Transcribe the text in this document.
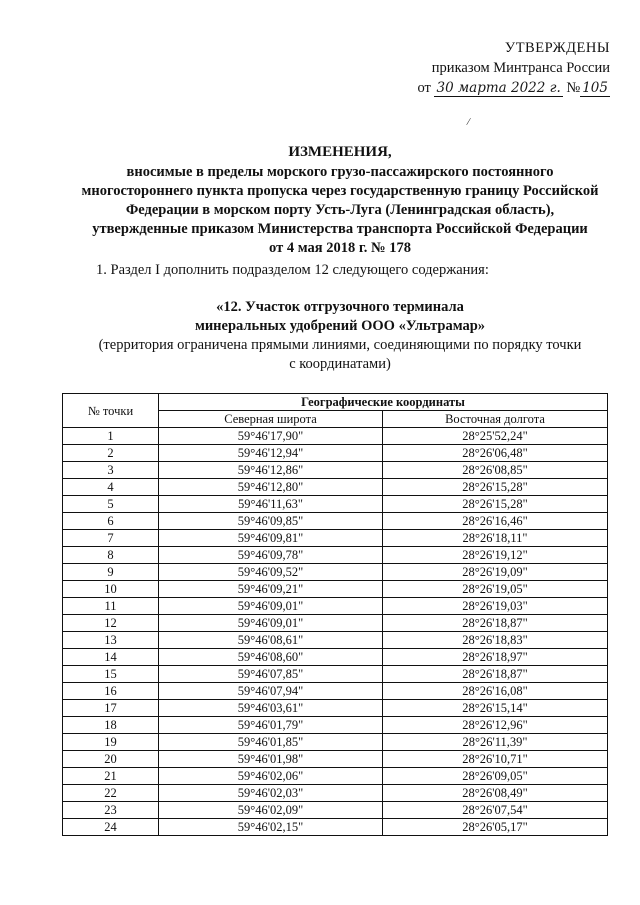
УТВЕРЖДЕНЫ
приказом Минтранса России
от 30 марта 2022 г. № 105
/
ИЗМЕНЕНИЯ,
вносимые в пределы морского грузо-пассажирского постоянного
многостороннего пункта пропуска через государственную границу Российской
Федерации в морском порту Усть-Луга (Ленинградская область),
утвержденные приказом Министерства транспорта Российской Федерации
от 4 мая 2018 г. № 178
1. Раздел I дополнить подразделом 12 следующего содержания:
«12. Участок отгрузочного терминала
минеральных удобрений ООО «Ультрамар»
(территория ограничена прямыми линиями, соединяющими по порядку точки
с координатами)
№ точки	Географические координаты	
	Северная широта	Восточная долгота
1	59°46'17,90"	28°25'52,24"
2	59°46'12,94"	28°26'06,48"
3	59°46'12,86"	28°26'08,85"
4	59°46'12,80"	28°26'15,28"
5	59°46'11,63"	28°26'15,28"
6	59°46'09,85"	28°26'16,46"
7	59°46'09,81"	28°26'18,11"
8	59°46'09,78"	28°26'19,12"
9	59°46'09,52"	28°26'19,09"
10	59°46'09,21"	28°26'19,05"
11	59°46'09,01"	28°26'19,03"
12	59°46'09,01"	28°26'18,87"
13	59°46'08,61"	28°26'18,83"
14	59°46'08,60"	28°26'18,97"
15	59°46'07,85"	28°26'18,87"
16	59°46'07,94"	28°26'16,08"
17	59°46'03,61"	28°26'15,14"
18	59°46'01,79"	28°26'12,96"
19	59°46'01,85"	28°26'11,39"
20	59°46'01,98"	28°26'10,71"
21	59°46'02,06"	28°26'09,05"
22	59°46'02,03"	28°26'08,49"
23	59°46'02,09"	28°26'07,54"
24	59°46'02,15"	28°26'05,17"
